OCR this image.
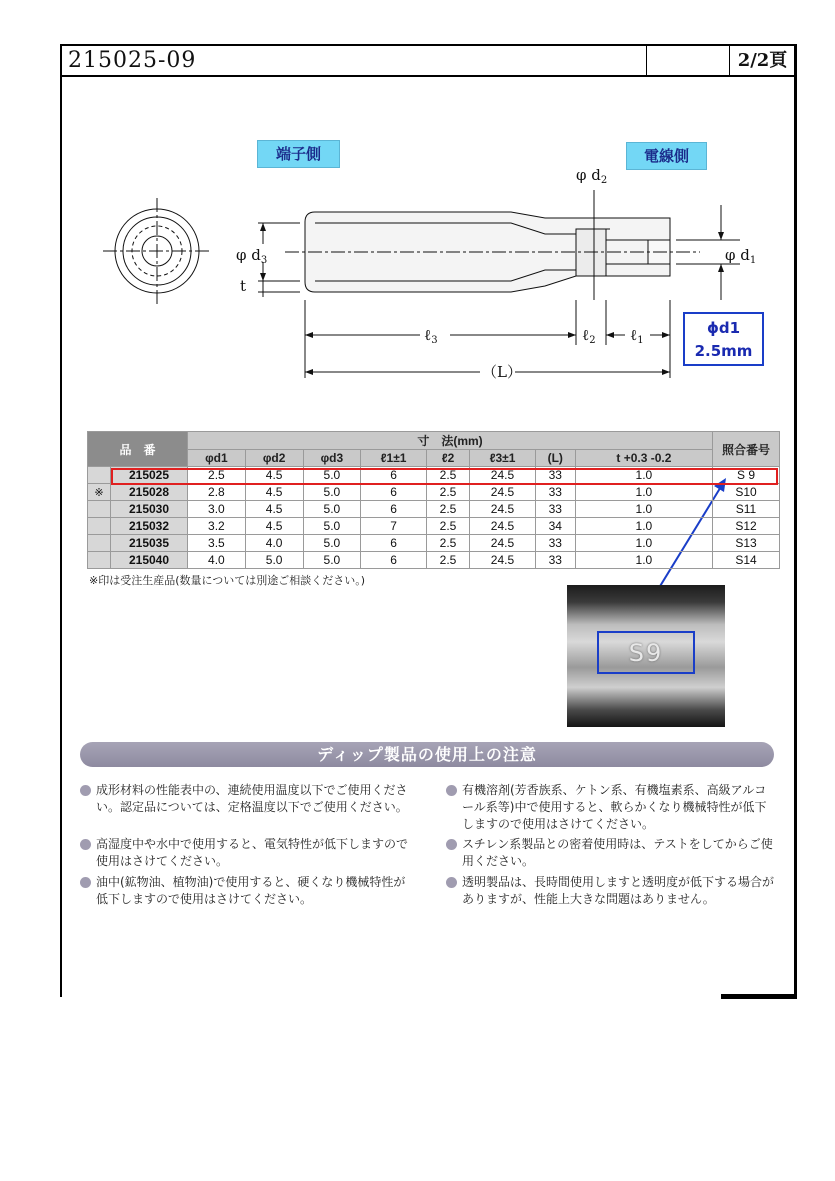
215025-09	2/2頁
端子側	電線側
φ $d_3$
t
φ $d_2$
φ $d_1$
ℓ$_3$	ℓ$_2$ ℓ$_1$
（L）
ϕd1
2.5mm
品　番		寸　法(mm)								照合番号
		φd1	φd2	φd3	ℓ1±1	ℓ2	ℓ3±1	(L)	t +0.3 -0.2	
	215025	2.5	4.5	5.0	6	2.5	24.5	33	1.0	S 9
※	215028	2.8	4.5	5.0	6	2.5	24.5	33	1.0	S10
	215030	3.0	4.5	5.0	6	2.5	24.5	33	1.0	S11
	215032	3.2	4.5	5.0	7	2.5	24.5	34	1.0	S12
	215035	3.5	4.0	5.0	6	2.5	24.5	33	1.0	S13
	215040	4.0	5.0	5.0	6	2.5	24.5	33	1.0	S14
※印は受注生産品(数量については別途ご相談ください。)
S9
ディップ製品の使用上の注意
成形材料の性能表中の、連続使用温度以下でご使用ください。認定品については、定格温度以下でご使用ください。
高湿度中や水中で使用すると、電気特性が低下しますので使用はさけてください。
油中(鉱物油、植物油)で使用すると、硬くなり機械特性が低下しますので使用はさけてください。
有機溶剤(芳香族系、ケトン系、有機塩素系、高級アルコール系等)中で使用すると、軟らかくなり機械特性が低下しますので使用はさけてください。
スチレン系製品との密着使用時は、テストをしてからご使用ください。
透明製品は、長時間使用しますと透明度が低下する場合がありますが、性能上大きな問題はありません。
